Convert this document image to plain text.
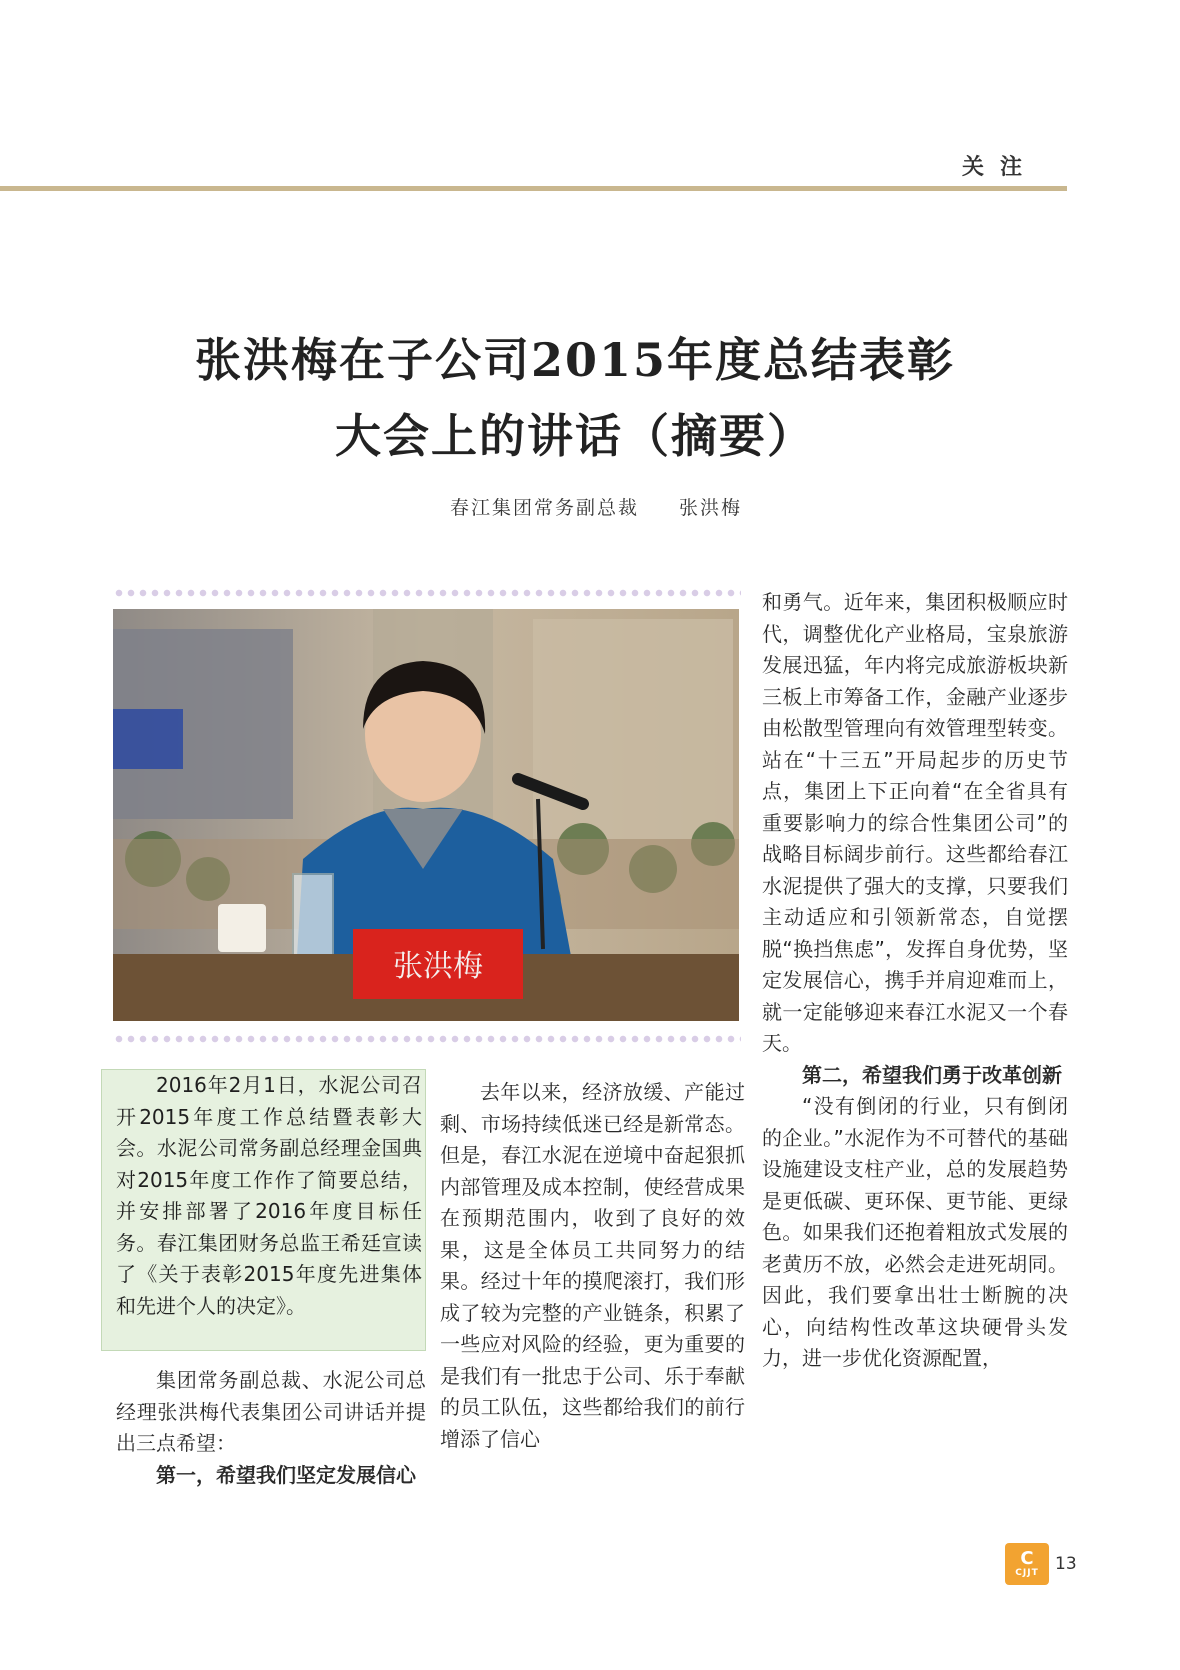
关注
张洪梅在子公司2015年度总结表彰
大会上的讲话（摘要）
春江集团常务副总裁 张洪梅
张洪梅

2016年2月1日，水泥公司召开2015年度工作总结暨表彰大会。水泥公司常务副总经理金国典对2015年度工作作了简要总结，并安排部署了2016年度目标任务。春江集团财务总监王希廷宣读了《关于表彰2015年度先进集体和先进个人的决定》。

集团常务副总裁、水泥公司总经理张洪梅代表集团公司讲话并提出三点希望：

第一，希望我们坚定发展信心

去年以来，经济放缓、产能过剩、市场持续低迷已经是新常态。但是，春江水泥在逆境中奋起狠抓内部管理及成本控制，使经营成果在预期范围内，收到了良好的效果，这是全体员工共同努力的结果。经过十年的摸爬滚打，我们形成了较为完整的产业链条，积累了一些应对风险的经验，更为重要的是我们有一批忠于公司、乐于奉献的员工队伍，这些都给我们的前行增添了信心

和勇气。近年来，集团积极顺应时代，调整优化产业格局，宝泉旅游发展迅猛，年内将完成旅游板块新三板上市筹备工作，金融产业逐步由松散型管理向有效管理型转变。站在“十三五”开局起步的历史节点，集团上下正向着“在全省具有重要影响力的综合性集团公司”的战略目标阔步前行。这些都给春江水泥提供了强大的支撑，只要我们主动适应和引领新常态，自觉摆脱“换挡焦虑”，发挥自身优势，坚定发展信心，携手并肩迎难而上，就一定能够迎来春江水泥又一个春天。

第二，希望我们勇于改革创新

“没有倒闭的行业，只有倒闭的企业。”水泥作为不可替代的基础设施建设支柱产业，总的发展趋势是更低碳、更环保、更节能、更绿色。如果我们还抱着粗放式发展的老黄历不放，必然会走进死胡同。因此，我们要拿出壮士断腕的决心，向结构性改革这块硬骨头发力，进一步优化资源配置，

C
CJJT 13
